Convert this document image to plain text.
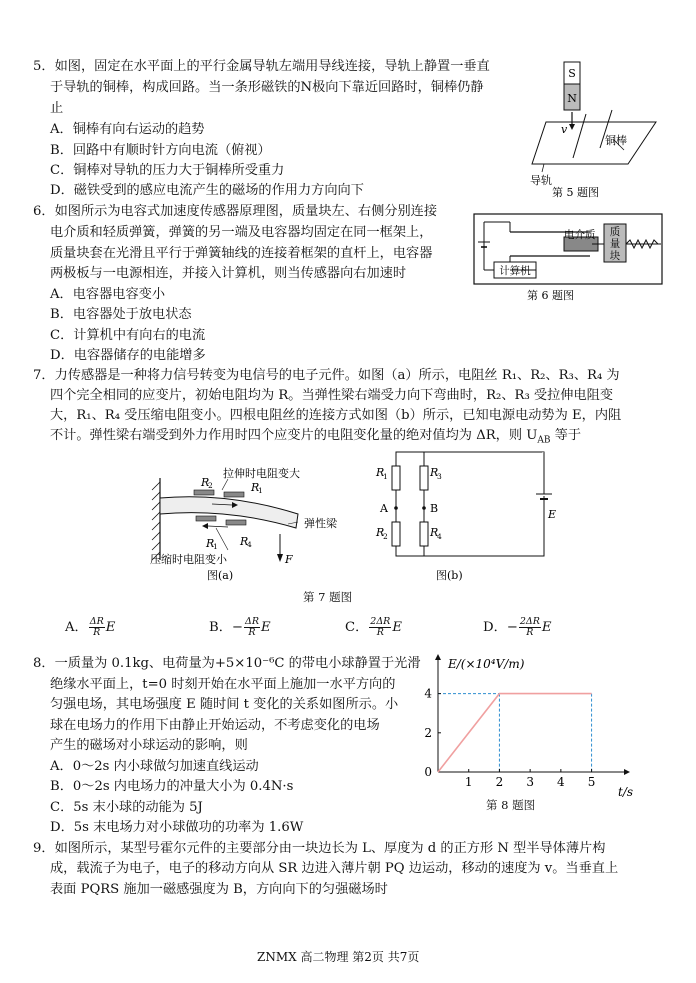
5．如图，固定在水平面上的平行金属导轨左端用导线连接，导轨上静置一垂直
于导轨的铜棒，构成回路。当一条形磁铁的N极向下靠近回路时，铜棒仍静
止
A．铜棒有向右运动的趋势
B．回路中有顺时针方向电流（俯视）
C．铜棒对导轨的压力大于铜棒所受重力
D．磁铁受到的感应电流产生的磁场的作用力方向向下
S
N
v
铜棒
导轨
第 5 题图
6．如图所示为电容式加速度传感器原理图，质量块左、右侧分别连接
电介质和轻质弹簧，弹簧的另一端及电容器均固定在同一框架上，
质量块套在光滑且平行于弹簧轴线的连接着框架的直杆上，电容器
两极板与一电源相连，并接入计算机，则当传感器向右加速时
A．电容器电容变小
B．电容器处于放电状态
C．计算机中有向右的电流
D．电容器储存的电能增多
电介质 质
量
块
计算机
第 6 题图
7．力传感器是一种将力信号转变为电信号的电子元件。如图（a）所示，电阻丝 R₁、R₂、R₃、R₄ 为
四个完全相同的应变片，初始电阻均为 R。当弹性梁右端受力向下弯曲时，R₂、R₃ 受拉伸电阻变
大，R₁、R₄ 受压缩电阻变小。四根电阻丝的连接方式如图（b）所示，已知电源电动势为 E，内阻
不计。弹性梁右端受到外力作用时四个应变片的电阻变化量的绝对值均为 ΔR，则 $U_{AB}$ 等于
R
2	R
1
拉伸时电阻变大
R
1 R
4
压缩时电阻变小
弹性梁
F
图(a)
R
1	R
3
R
2	R
4
A	B	E
图(b)
第 7 题图
A． $\frac{\Delta R}{R}$ E	B．− $\frac{\Delta R}{R}$ E	C． $\frac{2\Delta R}{R}$ E	D．− $\frac{2\Delta R}{R}$ E
8．一质量为 0.1kg、电荷量为+5×10⁻⁶C 的带电小球静置于光滑
绝缘水平面上，t=0 时刻开始在水平面上施加一水平方向的
匀强电场，其电场强度 E 随时间 t 变化的关系如图所示。小
球在电场力的作用下由静止开始运动，不考虑变化的电场
产生的磁场对小球运动的影响，则
A．0～2s 内小球做匀加速直线运动
B．0～2s 内电场力的冲量大小为 0.4N·s
C．5s 末小球的动能为 5J
D．5s 末电场力对小球做功的功率为 1.6W
E/(×10⁴V/m)
t/s
1 2 3 4 5
0
2
4
第 8 题图
9．如图所示，某型号霍尔元件的主要部分由一块边长为 L、厚度为 d 的正方形 N 型半导体薄片构
成，载流子为电子，电子的移动方向从 SR 边进入薄片朝 PQ 边运动，移动的速度为 v。当垂直上
表面 PQRS 施加一磁感强度为 B，方向向下的匀强磁场时
ZNMX 高二物理 第2页 共7页
